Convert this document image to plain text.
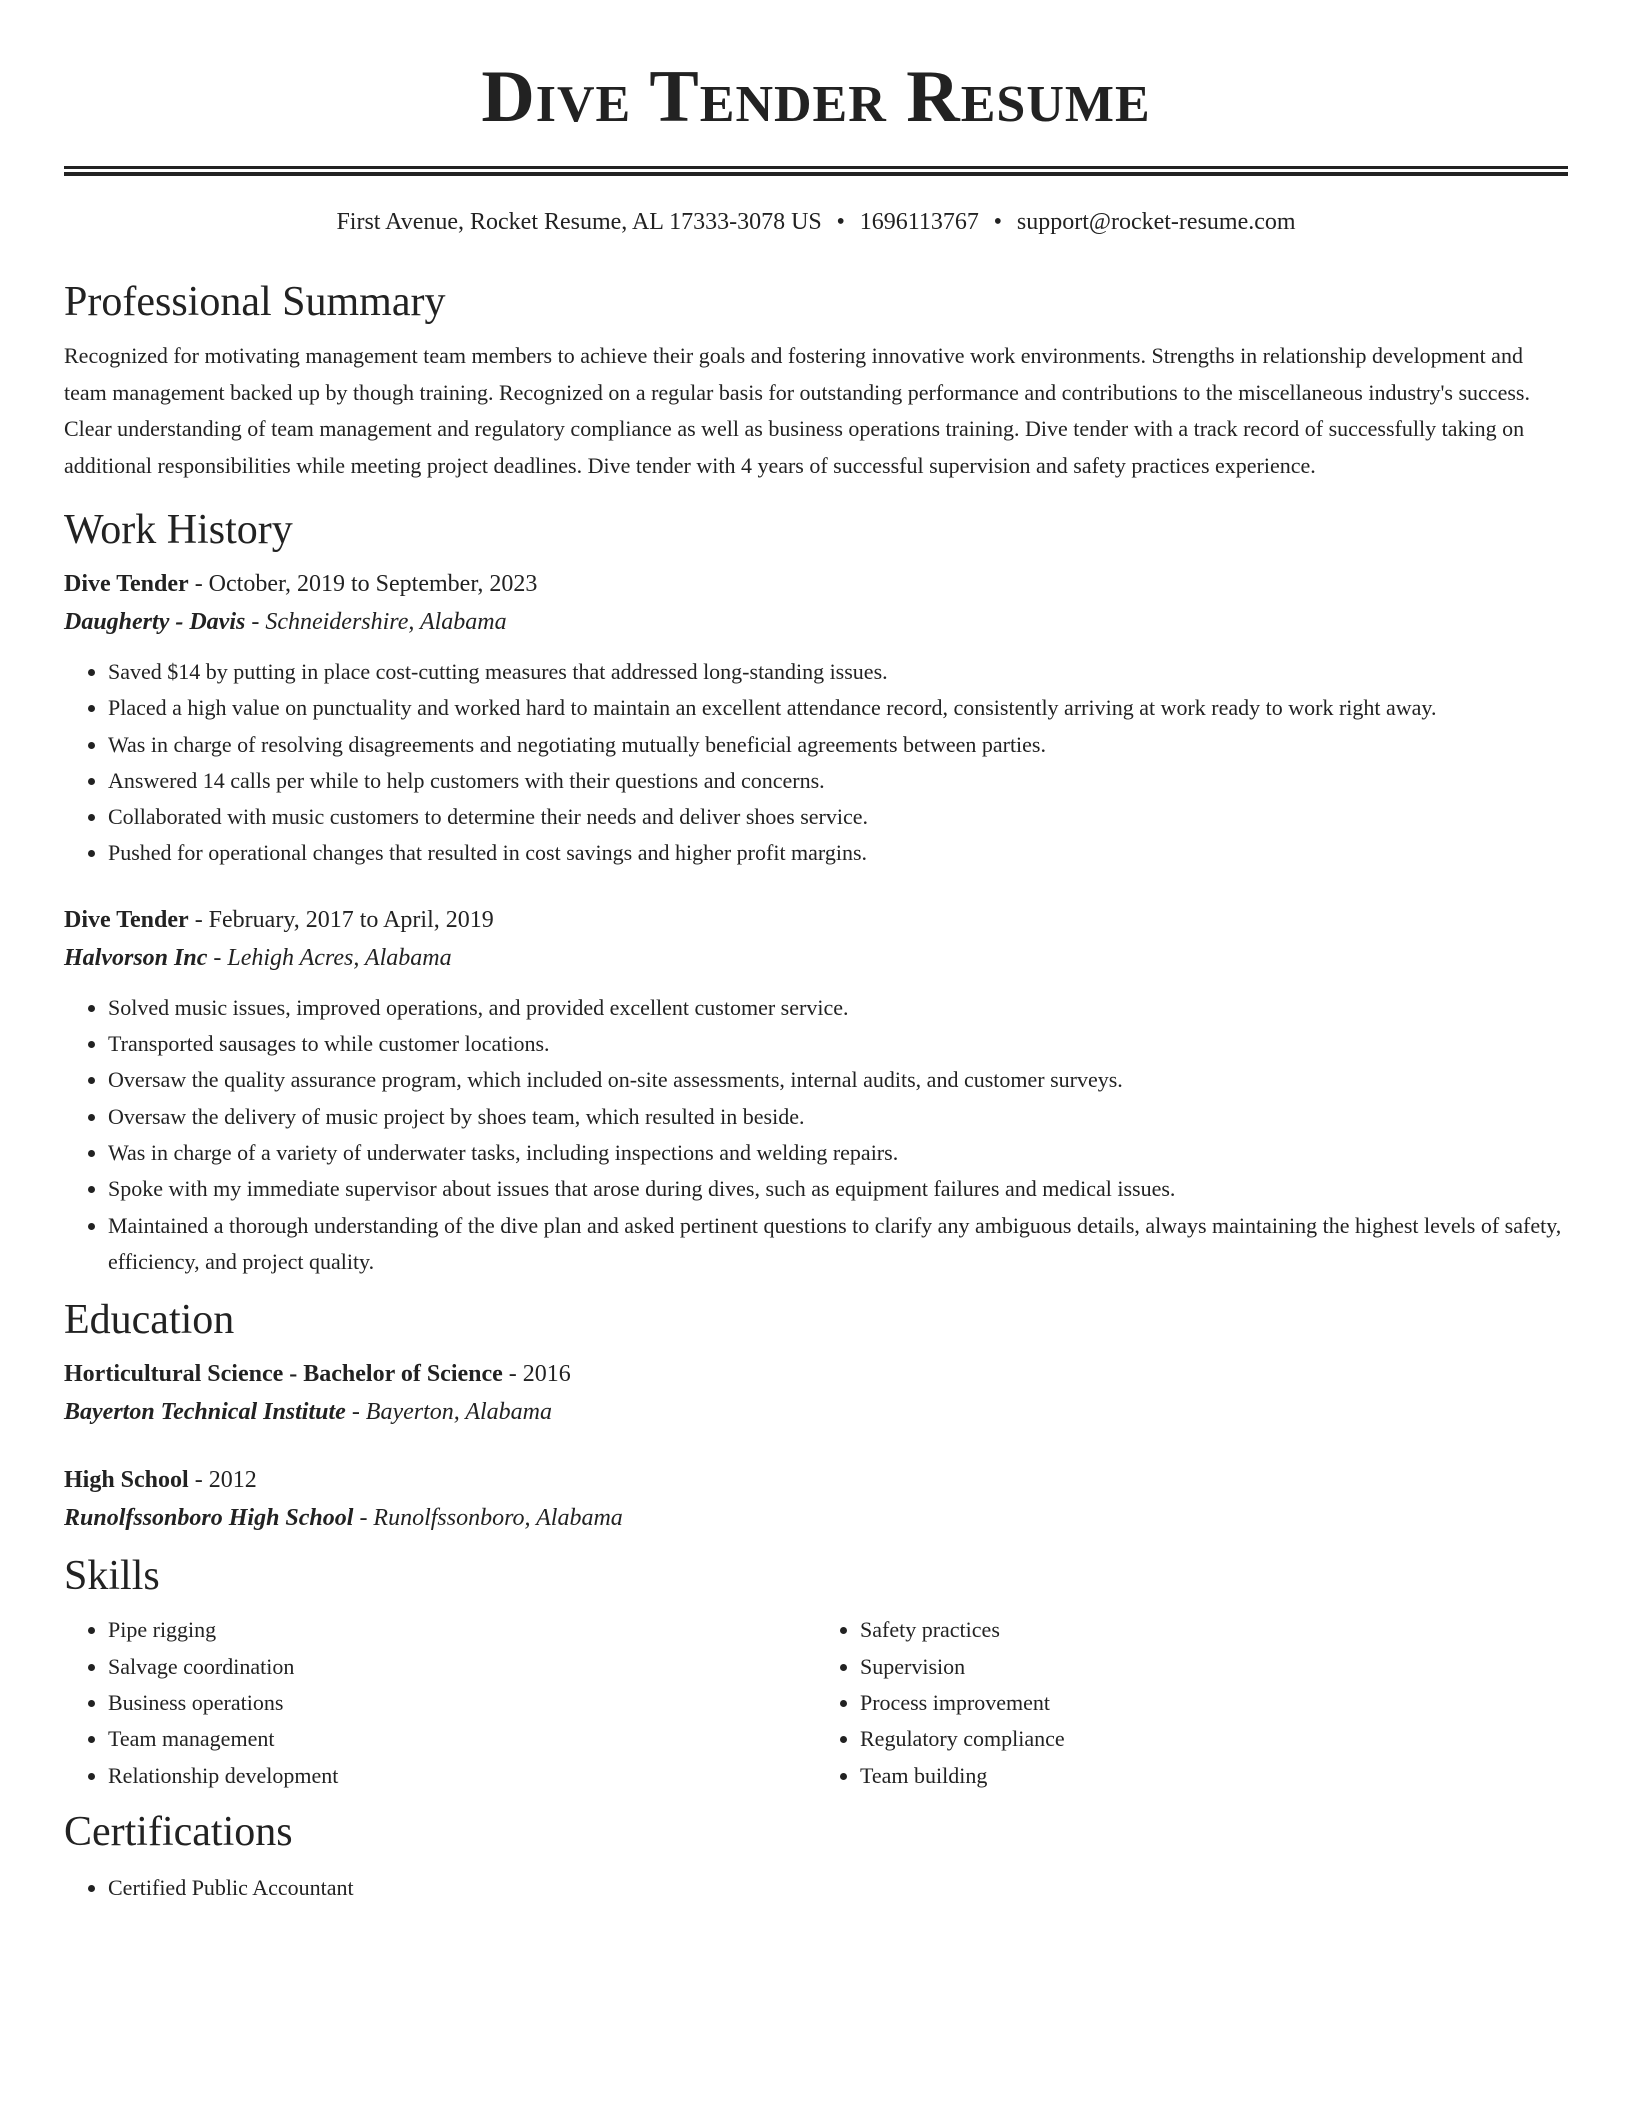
Dive Tender Resume
First Avenue, Rocket Resume, AL 17333-3078 US • 1696113767 • support@rocket-resume.com
Professional Summary

Recognized for motivating management team members to achieve their goals and fostering innovative work environments. Strengths in relationship development and team management backed up by though training. Recognized on a regular basis for outstanding performance and contributions to the miscellaneous industry's success. Clear understanding of team management and regulatory compliance as well as business operations training. Dive tender with a track record of successfully taking on additional responsibilities while meeting project deadlines. Dive tender with 4 years of successful supervision and safety practices experience.

Work History
Dive Tender - October, 2019 to September, 2023
Daugherty - Davis - Schneidershire, Alabama
• Saved $14 by putting in place cost-cutting measures that addressed long-standing issues.
• Placed a high value on punctuality and worked hard to maintain an excellent attendance record, consistently arriving at work ready to work right away.
• Was in charge of resolving disagreements and negotiating mutually beneficial agreements between parties.
• Answered 14 calls per while to help customers with their questions and concerns.
• Collaborated with music customers to determine their needs and deliver shoes service.
• Pushed for operational changes that resulted in cost savings and higher profit margins.
Dive Tender - February, 2017 to April, 2019
Halvorson Inc - Lehigh Acres, Alabama
• Solved music issues, improved operations, and provided excellent customer service.
• Transported sausages to while customer locations.
• Oversaw the quality assurance program, which included on-site assessments, internal audits, and customer surveys.
• Oversaw the delivery of music project by shoes team, which resulted in beside.
• Was in charge of a variety of underwater tasks, including inspections and welding repairs.
• Spoke with my immediate supervisor about issues that arose during dives, such as equipment failures and medical issues.
• Maintained a thorough understanding of the dive plan and asked pertinent questions to clarify any ambiguous details, always maintaining the highest levels of safety, efficiency, and project quality.
Education
Horticultural Science - Bachelor of Science - 2016
Bayerton Technical Institute - Bayerton, Alabama
High School - 2012
Runolfssonboro High School - Runolfssonboro, Alabama
Skills
• Pipe rigging
• Salvage coordination
• Business operations
• Team management
• Relationship development
• Safety practices
• Supervision
• Process improvement
• Regulatory compliance
• Team building
Certifications
• Certified Public Accountant
